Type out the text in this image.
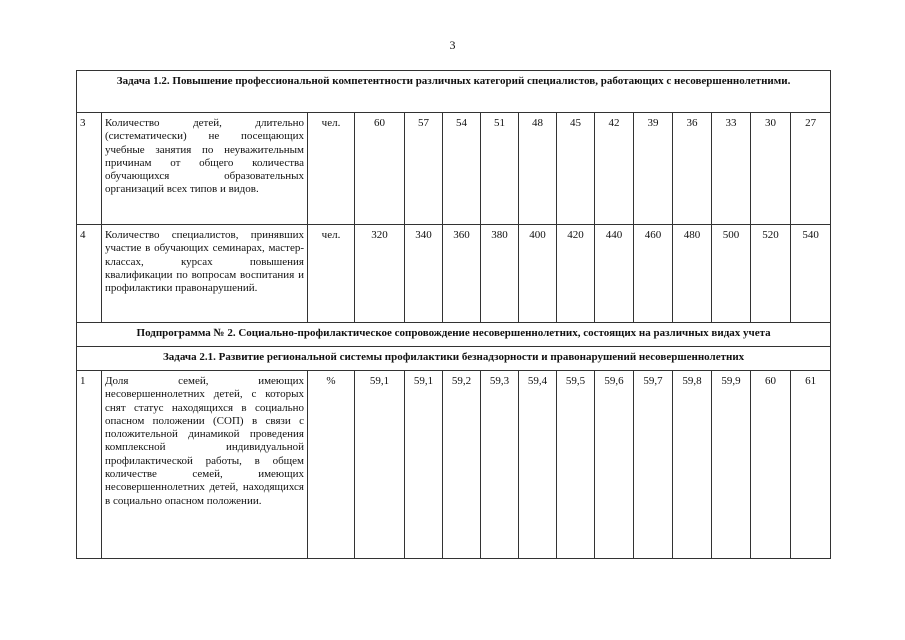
3
Задача 1.2. Повышение профессиональной компетентности различных категорий специалистов, работающих с несовершеннолетними.														
3	Количество детей, длительно (систематически) не посещающих учебные занятия по неуважительным причинам от общего количества обучающихся образовательных организаций всех типов и видов.	чел.	60	57	54	51	48	45	42	39	36	33	30	27
4	Количество специалистов, принявших участие в обучающих семинарах, мастер-классах, курсах повышения квалификации по вопросам воспитания и профилактики правонарушений.	чел.	320	340	360	380	400	420	440	460	480	500	520	540
Подпрограмма № 2. Социально-профилактическое сопровождение несовершеннолетних, состоящих на различных видах учета														
Задача 2.1. Развитие региональной системы профилактики безнадзорности и правонарушений несовершеннолетних														
1	Доля семей, имеющих несовершеннолетних детей, с которых снят статус находящихся в социально опасном положении (СОП) в связи с положительной динамикой проведения комплексной индивидуальной профилактической работы, в общем количестве семей, имеющих несовершеннолетних детей, находящихся в социально опасном положении.	%	59,1	59,1	59,2	59,3	59,4	59,5	59,6	59,7	59,8	59,9	60	61
